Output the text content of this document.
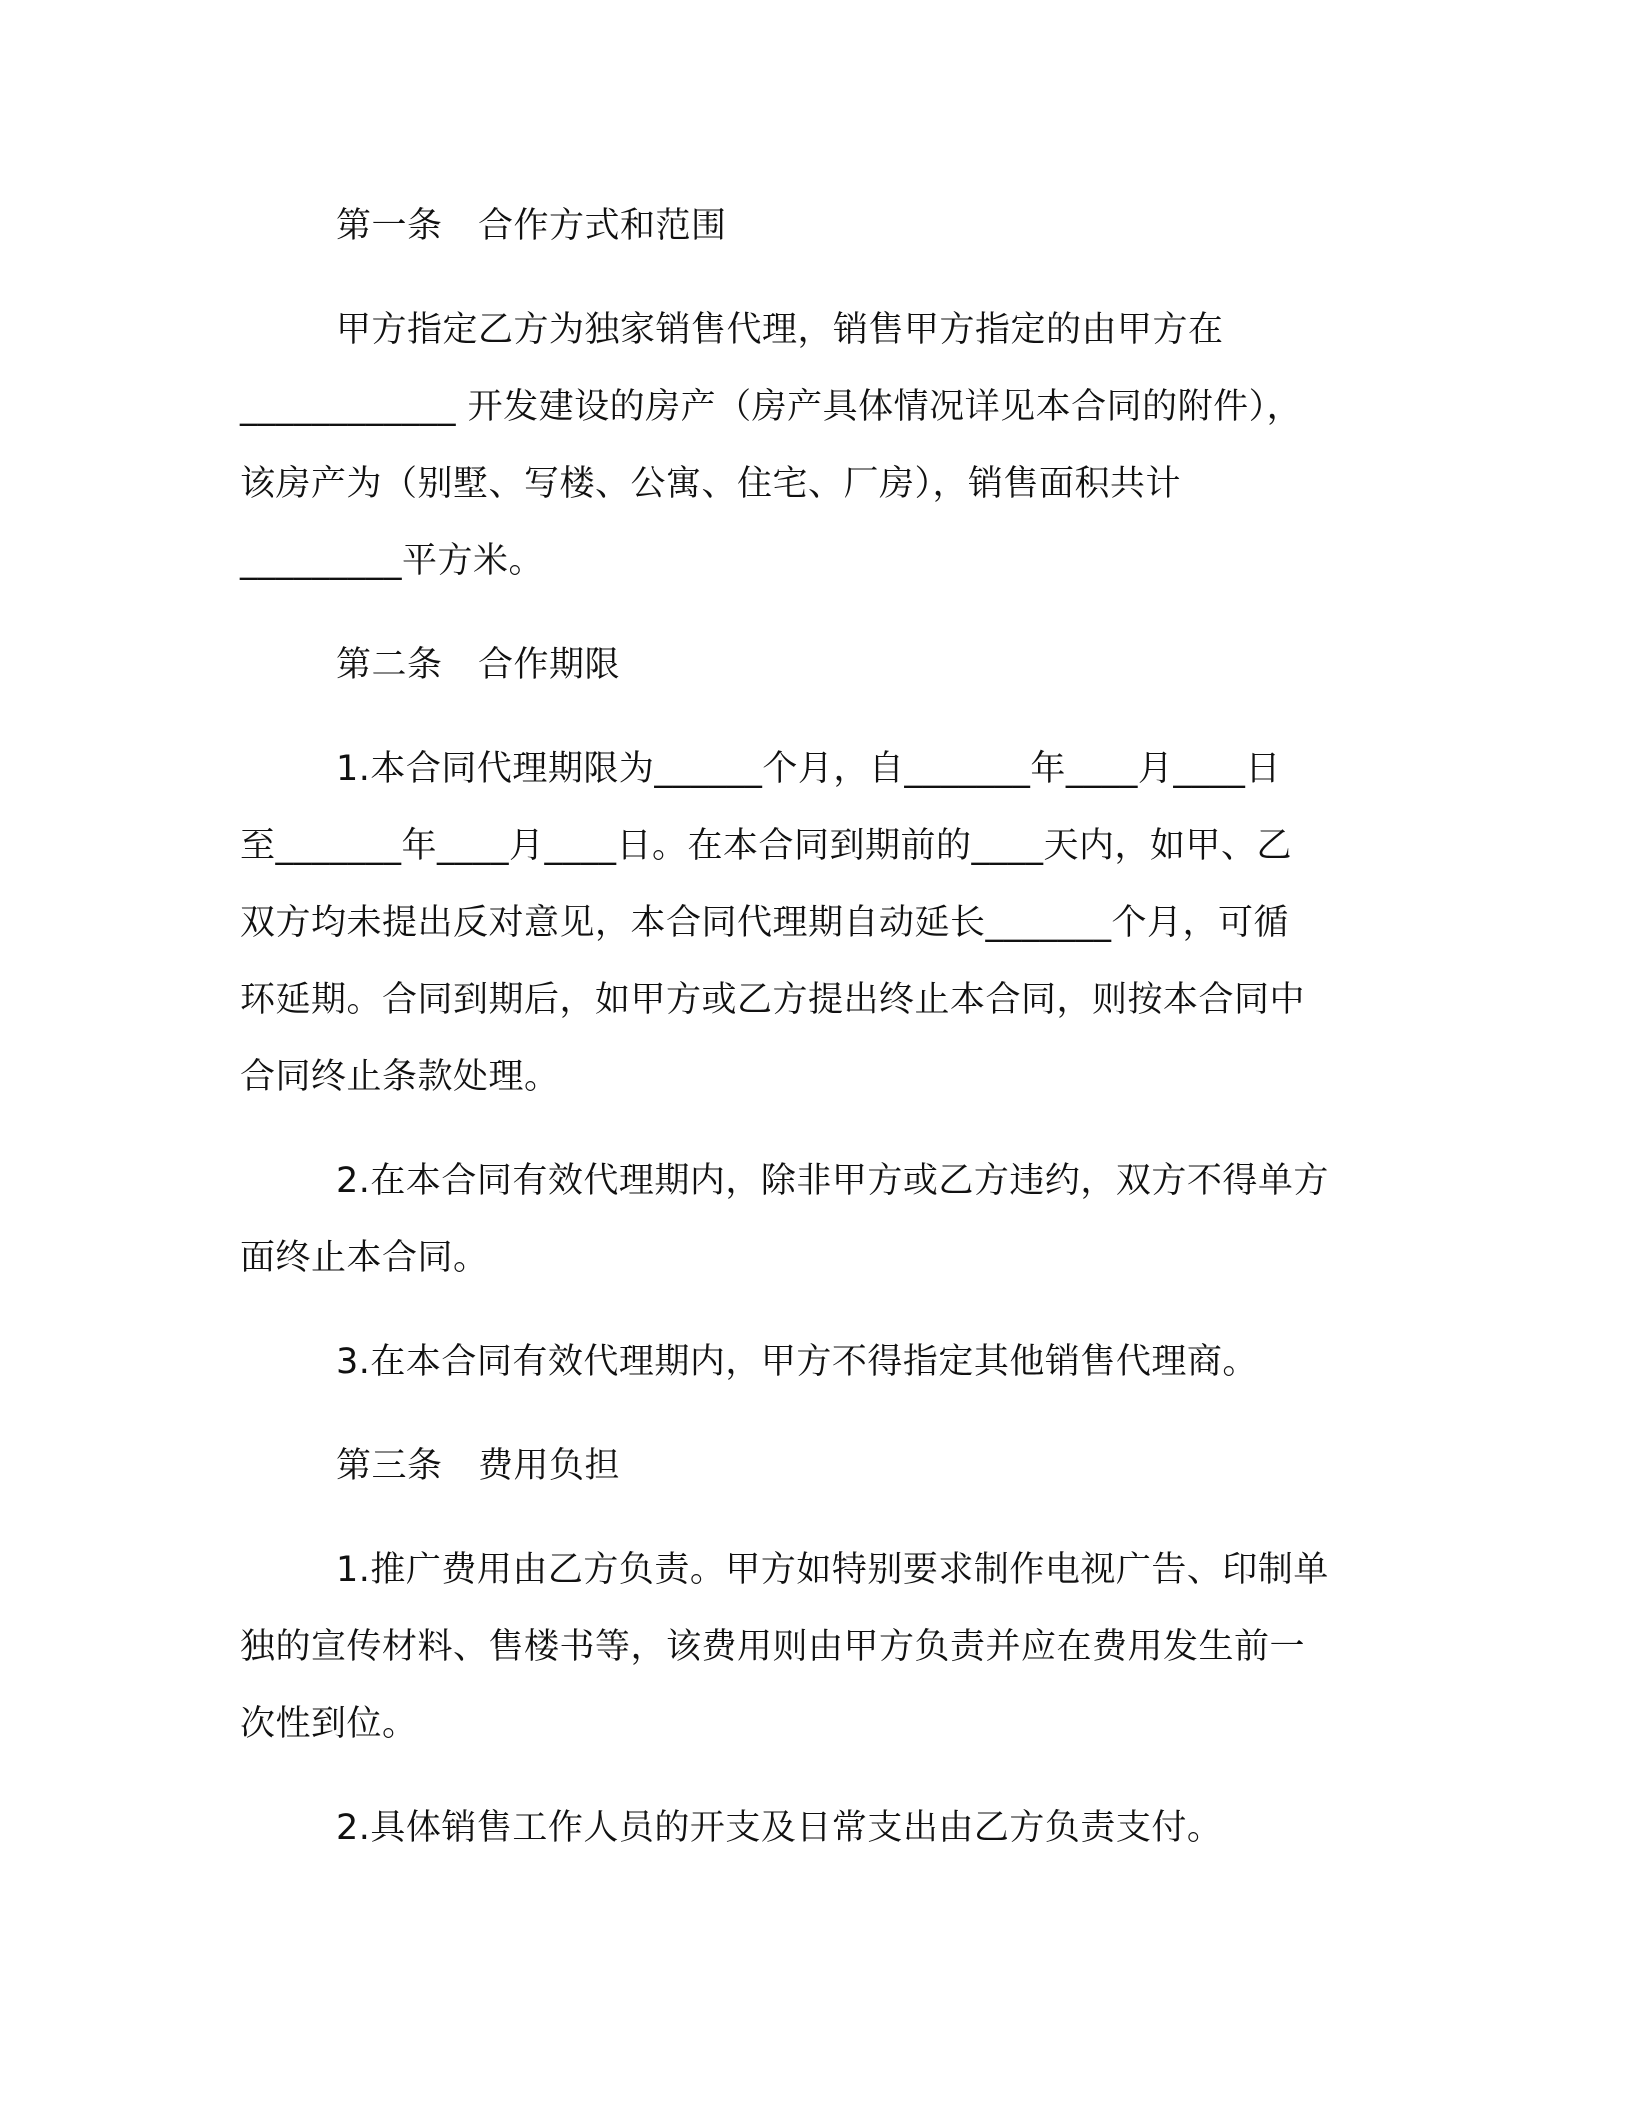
第一条　合作方式和范围
甲方指定乙方为独家销售代理，销售甲方指定的由甲方在
____________ 开发建设的房产（房产具体情况详见本合同的附件），
该房产为（别墅、写楼、公寓、住宅、厂房），销售面积共计
_________平方米。
第二条　合作期限
1.本合同代理期限为______个月，自_______年____月____日
至_______年____月____日。在本合同到期前的____天内，如甲、乙
双方均未提出反对意见，本合同代理期自动延长_______个月，可循
环延期。合同到期后，如甲方或乙方提出终止本合同，则按本合同中
合同终止条款处理。
2.在本合同有效代理期内，除非甲方或乙方违约，双方不得单方
面终止本合同。
3.在本合同有效代理期内，甲方不得指定其他销售代理商。
第三条　费用负担
1.推广费用由乙方负责。甲方如特别要求制作电视广告、印制单
独的宣传材料、售楼书等，该费用则由甲方负责并应在费用发生前一
次性到位。
2.具体销售工作人员的开支及日常支出由乙方负责支付。
